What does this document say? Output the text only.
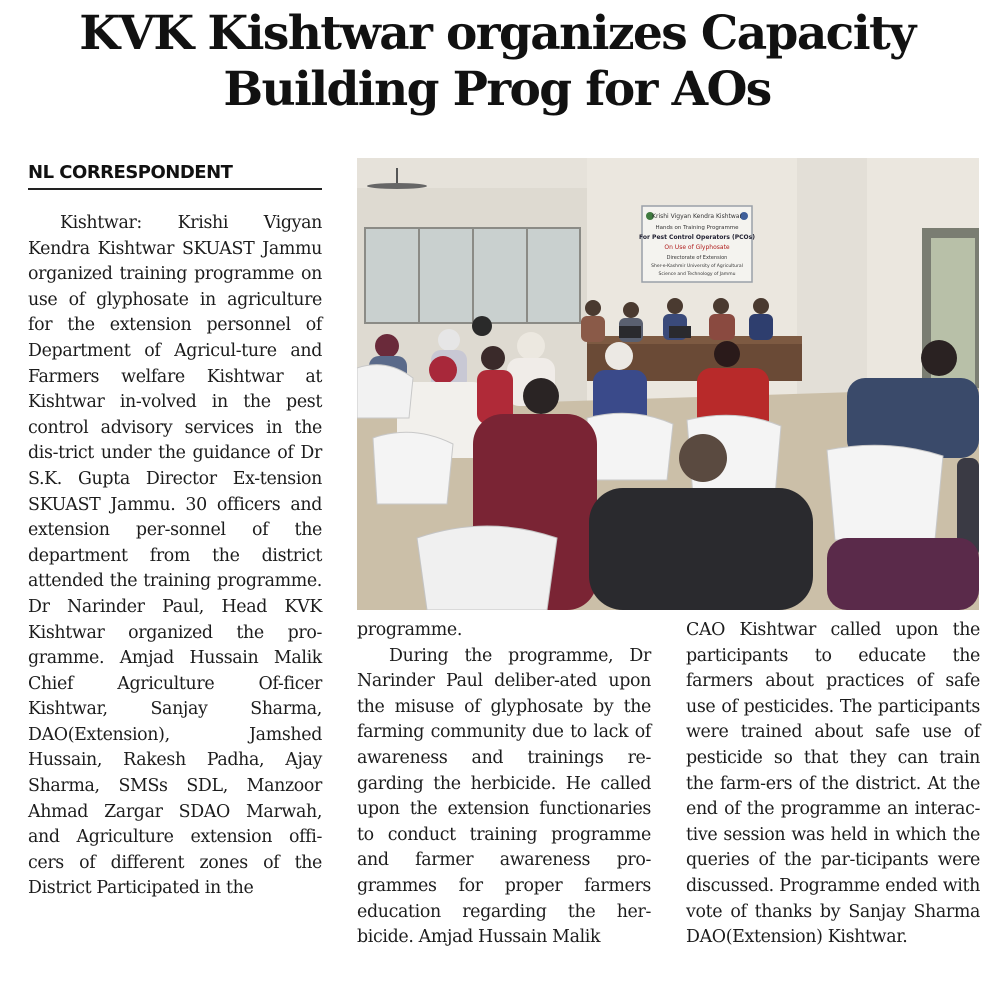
KVK Kishtwar organizes Capacity Building Prog for AOs
NL CORRESPONDENT

Kishtwar: Krishi Vigyan Kendra Kishtwar SKUAST Jammu organized training programme on use of glyphosate in agriculture for the extension personnel of Department of Agricul-ture and Farmers welfare Kishtwar at Kishtwar in-volved in the pest control advisory services in the dis-trict under the guidance of Dr S.K. Gupta Director Ex-tension SKUAST Jammu. 30 officers and extension per-sonnel of the department from the district attended the training programme. Dr Narinder Paul, Head KVK Kishtwar organized the pro-gramme. Amjad Hussain Malik Chief Agriculture Of-ficer Kishtwar, Sanjay Sharma, DAO(Extension), Jamshed Hussain, Rakesh Padha, Ajay Sharma, SMSs SDL, Manzoor Ahmad Zargar SDAO Marwah, and Agriculture extension offi-cers of different zones of the District Participated in the

Krishi Vigyan Kendra Kishtwar
Hands on Training Programme
For Pest Control Operators (PCOs)
On Use of Glyphosate
Directorate of Extension
Sher-e-Kashmir University of Agricultural
Science and Technology of Jammu

programme.

During the programme, Dr Narinder Paul deliber-ated upon the misuse of glyphosate by the farming community due to lack of awareness and trainings re-garding the herbicide. He called upon the extension functionaries to conduct training programme and farmer awareness pro-grammes for proper farmers education regarding the her-bicide. Amjad Hussain Malik

CAO Kishtwar called upon the participants to educate the farmers about practices of safe use of pesticides. The participants were trained about safe use of pesticide so that they can train the farm-ers of the district. At the end of the programme an interac-tive session was held in which the queries of the par-ticipants were discussed. Programme ended with vote of thanks by Sanjay Sharma DAO(Extension) Kishtwar.
